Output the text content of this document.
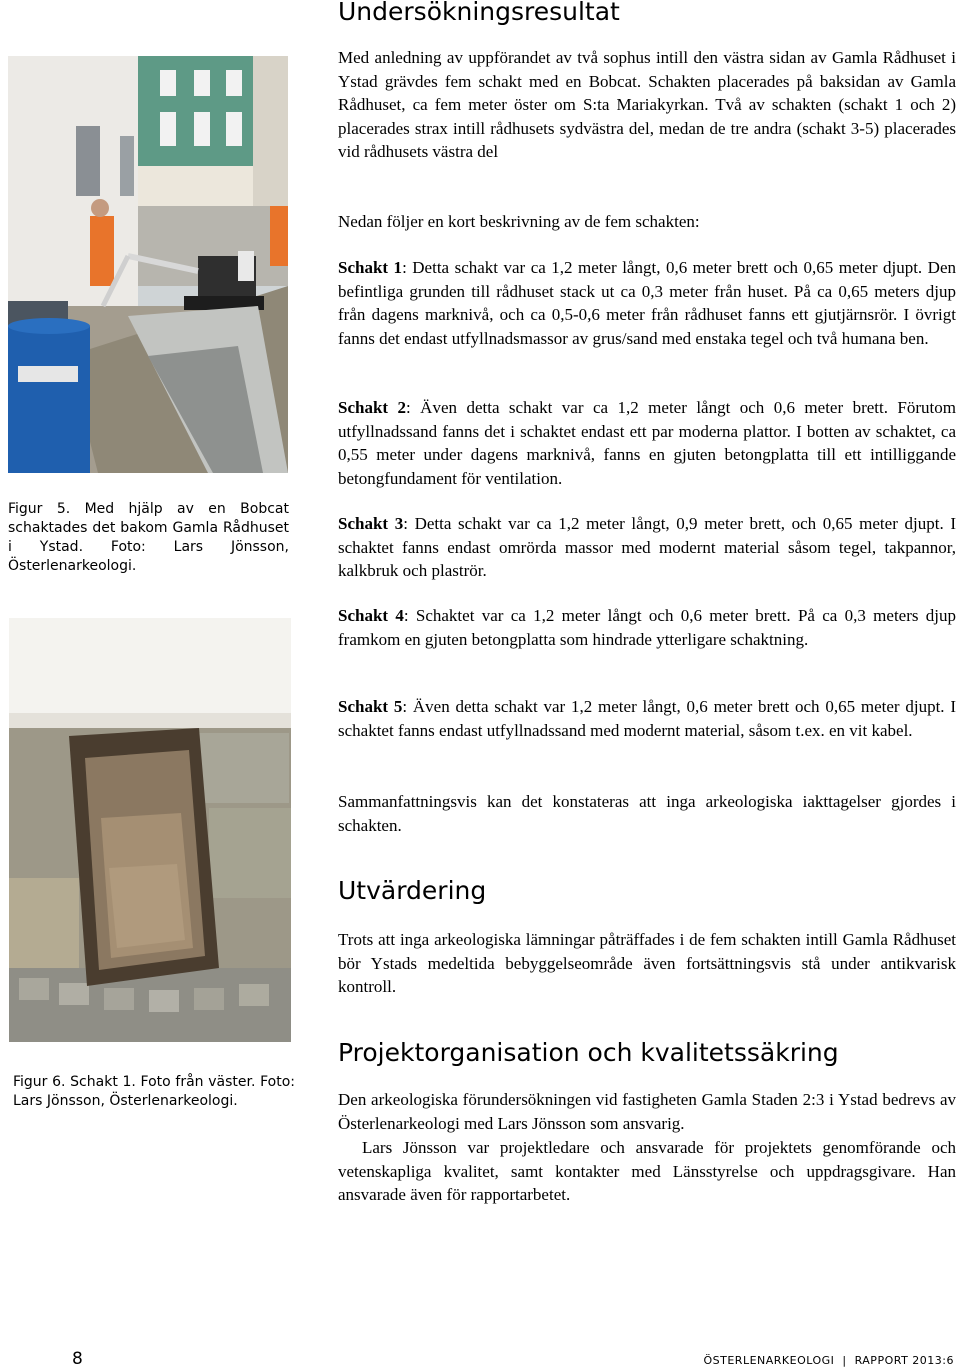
Figur 5. Med hjälp av en Bobcat schaktades det bakom Gamla Rådhuset i Ystad. Foto: Lars Jönsson, Österlenarkeologi.
Figur 6. Schakt 1. Foto från väster. Foto: Lars Jönsson, Österlenarkeologi.
Undersökningsresultat

Med anledning av uppförandet av två sophus intill den västra sidan av Gamla Rådhuset i Ystad grävdes fem schakt med en Bobcat. Schakten placerades på baksidan av Gamla Rådhuset, ca fem meter öster om S:ta Mariakyrkan. Två av schakten (schakt 1 och 2) placerades strax intill rådhusets sydvästra del, medan de tre andra (schakt 3-5) placerades vid rådhusets västra del

Nedan följer en kort beskrivning av de fem schakten:

Schakt 1: Detta schakt var ca 1,2 meter långt, 0,6 meter brett och 0,65 meter djupt. Den befintliga grunden till rådhuset stack ut ca 0,3 meter från huset. På ca 0,65 meters djup från dagens marknivå, och ca 0,5-0,6 meter från rådhuset fanns ett gjutjärnsrör. I övrigt fanns det endast utfyllnadsmassor av grus/sand med enstaka tegel och två humana ben.

Schakt 2: Även detta schakt var ca 1,2 meter långt och 0,6 meter brett. Förutom utfyllnadssand fanns det i schaktet endast ett par moderna plattor. I botten av schaktet, ca 0,55 meter under dagens marknivå, fanns en gjuten betongplatta till ett intilliggande betongfundament för ventilation.

Schakt 3: Detta schakt var ca 1,2 meter långt, 0,9 meter brett, och 0,65 meter djupt. I schaktet fanns endast omrörda massor med modernt material såsom tegel, takpannor, kalkbruk och plaströr.

Schakt 4: Schaktet var ca 1,2 meter långt och 0,6 meter brett. På ca 0,3 meters djup framkom en gjuten betongplatta som hindrade ytterligare schaktning.

Schakt 5: Även detta schakt var 1,2 meter långt, 0,6 meter brett och 0,65 meter djupt. I schaktet fanns endast utfyllnadssand med modernt material, såsom t.ex. en vit kabel.

Sammanfattningsvis kan det konstateras att inga arkeologiska iakttagelser gjordes i schakten.

Utvärdering

Trots att inga arkeologiska lämningar påträffades i de fem schakten intill Gamla Rådhuset bör Ystads medeltida bebyggelseområde även fortsättningsvis stå under antikvarisk kontroll.

Projektorganisation och kvalitetssäkring

Den arkeologiska förundersökningen vid fastigheten Gamla Staden 2:3 i Ystad bedrevs av Österlenarkeologi med Lars Jönsson som ansvarig.

Lars Jönsson var projektledare och ansvarade för projektets genomförande och vetenskapliga kvalitet, samt kontakter med Länsstyrelse och uppdragsgivare. Han ansvarade även för rapportarbetet.

8	ÖSTERLENARKEOLOGI  |  RAPPORT 2013:6
